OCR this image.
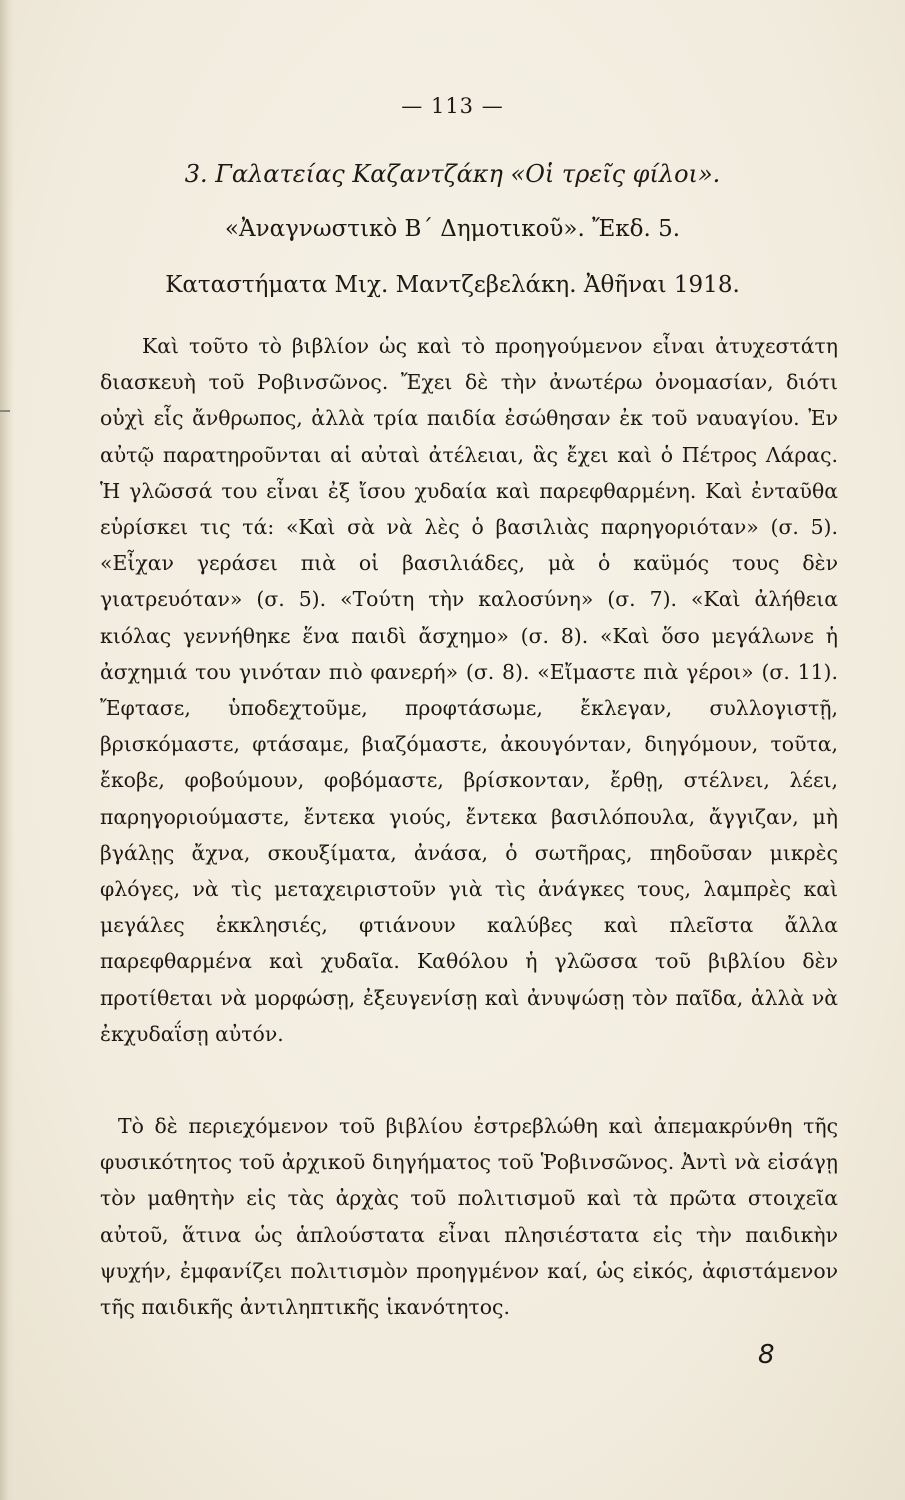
— 113 —
3. Γαλατείας Καζαντζάκη «Οἱ τρεῖς φίλοι».
«Ἀναγνωστικὸ Β΄ Δημοτικοῦ». Ἔκδ. 5.
Καταστήματα Μιχ. Μαντζεβελάκη. Ἀθῆναι 1918.

Καὶ τοῦτο τὸ βιβλίον ὡς καὶ τὸ προηγούμενον εἶναι ἀτυχεστάτη διασκευὴ τοῦ Ροβινσῶνος. Ἔχει δὲ τὴν ἀνωτέρω ὀνομασίαν, διότι οὐχὶ εἷς ἄνθρωπος, ἀλλὰ τρία παιδία ἐσώθησαν ἐκ τοῦ ναυαγίου. Ἐν αὐτῷ παρατηροῦνται αἱ αὐταὶ ἀτέλειαι, ἃς ἔχει καὶ ὁ Πέτρος Λάρας. Ἡ γλῶσσά του εἶναι ἐξ ἴσου χυδαία καὶ παρεφθαρμένη. Καὶ ἐνταῦθα εὑρίσκει τις τά: «Καὶ σὰ νὰ λὲς ὁ βασιλιὰς παρηγοριόταν» (σ. 5). «Εἶχαν γεράσει πιὰ οἱ βασιλιάδες, μὰ ὁ καϋμός τους δὲν γιατρευόταν» (σ. 5). «Τούτη τὴν καλοσύνη» (σ. 7). «Καὶ ἀλήθεια κιόλας γεννήθηκε ἕνα παιδὶ ἄσχημο» (σ. 8). «Καὶ ὅσο μεγάλωνε ἡ ἀσχημιά του γινόταν πιὸ φανερή» (σ. 8). «Εἴμαστε πιὰ γέροι» (σ. 11). Ἔφτασε, ὑποδεχτοῦμε, προφτάσωμε, ἔκλεγαν, συλλογιστῇ, βρισκόμαστε, φτάσαμε, βιαζόμαστε, ἀκουγόνταν, διηγόμουν, τοῦτα, ἔκοβε, φοβούμουν, φοβόμαστε, βρίσκονταν, ἔρθῃ, στέλνει, λέει, παρηγοριούμαστε, ἔντεκα γιούς, ἔντεκα βασιλόπουλα, ἄγγιζαν, μὴ βγάλῃς ἄχνα, σκουξίματα, ἀνάσα, ὁ σωτῆρας, πηδοῦσαν μικρὲς φλόγες, νὰ τὶς μεταχειριστοῦν γιὰ τὶς ἀνάγκες τους, λαμπρὲς καὶ μεγάλες ἐκκλησιές, φτιάνουν καλύβες καὶ πλεῖστα ἄλλα παρεφθαρμένα καὶ χυδαῖα. Καθόλου ἡ γλῶσσα τοῦ βιβλίου δὲν προτίθεται νὰ μορφώσῃ, ἐξευγενίσῃ καὶ ἀνυψώσῃ τὸν παῖδα, ἀλλὰ νὰ ἐκχυδαΐσῃ αὐτόν.

Τὸ δὲ περιεχόμενον τοῦ βιβλίου ἐστρεβλώθη καὶ ἀπεμακρύνθη τῆς φυσικότητος τοῦ ἀρχικοῦ διηγήματος τοῦ Ῥοβινσῶνος. Ἀντὶ νὰ εἰσάγῃ τὸν μαθητὴν εἰς τὰς ἀρχὰς τοῦ πολιτισμοῦ καὶ τὰ πρῶτα στοιχεῖα αὐτοῦ, ἅτινα ὡς ἁπλούστατα εἶναι πλησιέστατα εἰς τὴν παιδικὴν ψυχήν, ἐμφανίζει πολιτισμὸν προηγμένον καί, ὡς εἰκός, ἀφιστάμενον τῆς παιδικῆς ἀντιληπτικῆς ἱκανότητος.

8
